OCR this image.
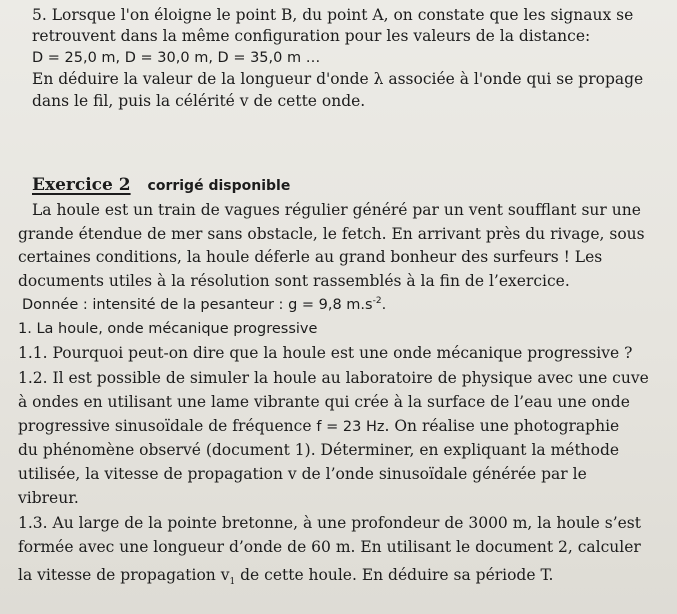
5. Lorsque l'on éloigne le point B, du point A, on constate que les signaux se
retrouvent dans la même configuration pour les valeurs de la distance:
D = 25,0 m, D = 30,0 m, D = 35,0 m …
En déduire la valeur de la longueur d'onde λ associée à l'onde qui se propage
dans le fil, puis la célérité v de cette onde.
Exercice 2 corrigé disponible
La houle est un train de vagues régulier généré par un vent soufflant sur une
grande étendue de mer sans obstacle, le fetch. En arrivant près du rivage, sous
certaines conditions, la houle déferle au grand bonheur des surfeurs ! Les
documents utiles à la résolution sont rassemblés à la fin de l’exercice.
Donnée : intensité de la pesanteur : g = 9,8 $m.s^{-2}$.
1. La houle, onde mécanique progressive
1.1. Pourquoi peut-on dire que la houle est une onde mécanique progressive ?
1.2. Il est possible de simuler la houle au laboratoire de physique avec une cuve
à ondes en utilisant une lame vibrante qui crée à la surface de l’eau une onde
progressive sinusoïdale de fréquence f = 23 Hz. On réalise une photographie
du phénomène observé (document 1). Déterminer, en expliquant la méthode
utilisée, la vitesse de propagation v de l’onde sinusoïdale générée par le
vibreur.
1.3. Au large de la pointe bretonne, à une profondeur de 3000 m, la houle s’est
formée avec une longueur d’onde de 60 m. En utilisant le document 2, calculer
la vitesse de propagation $v_1$ de cette houle. En déduire sa période T.
